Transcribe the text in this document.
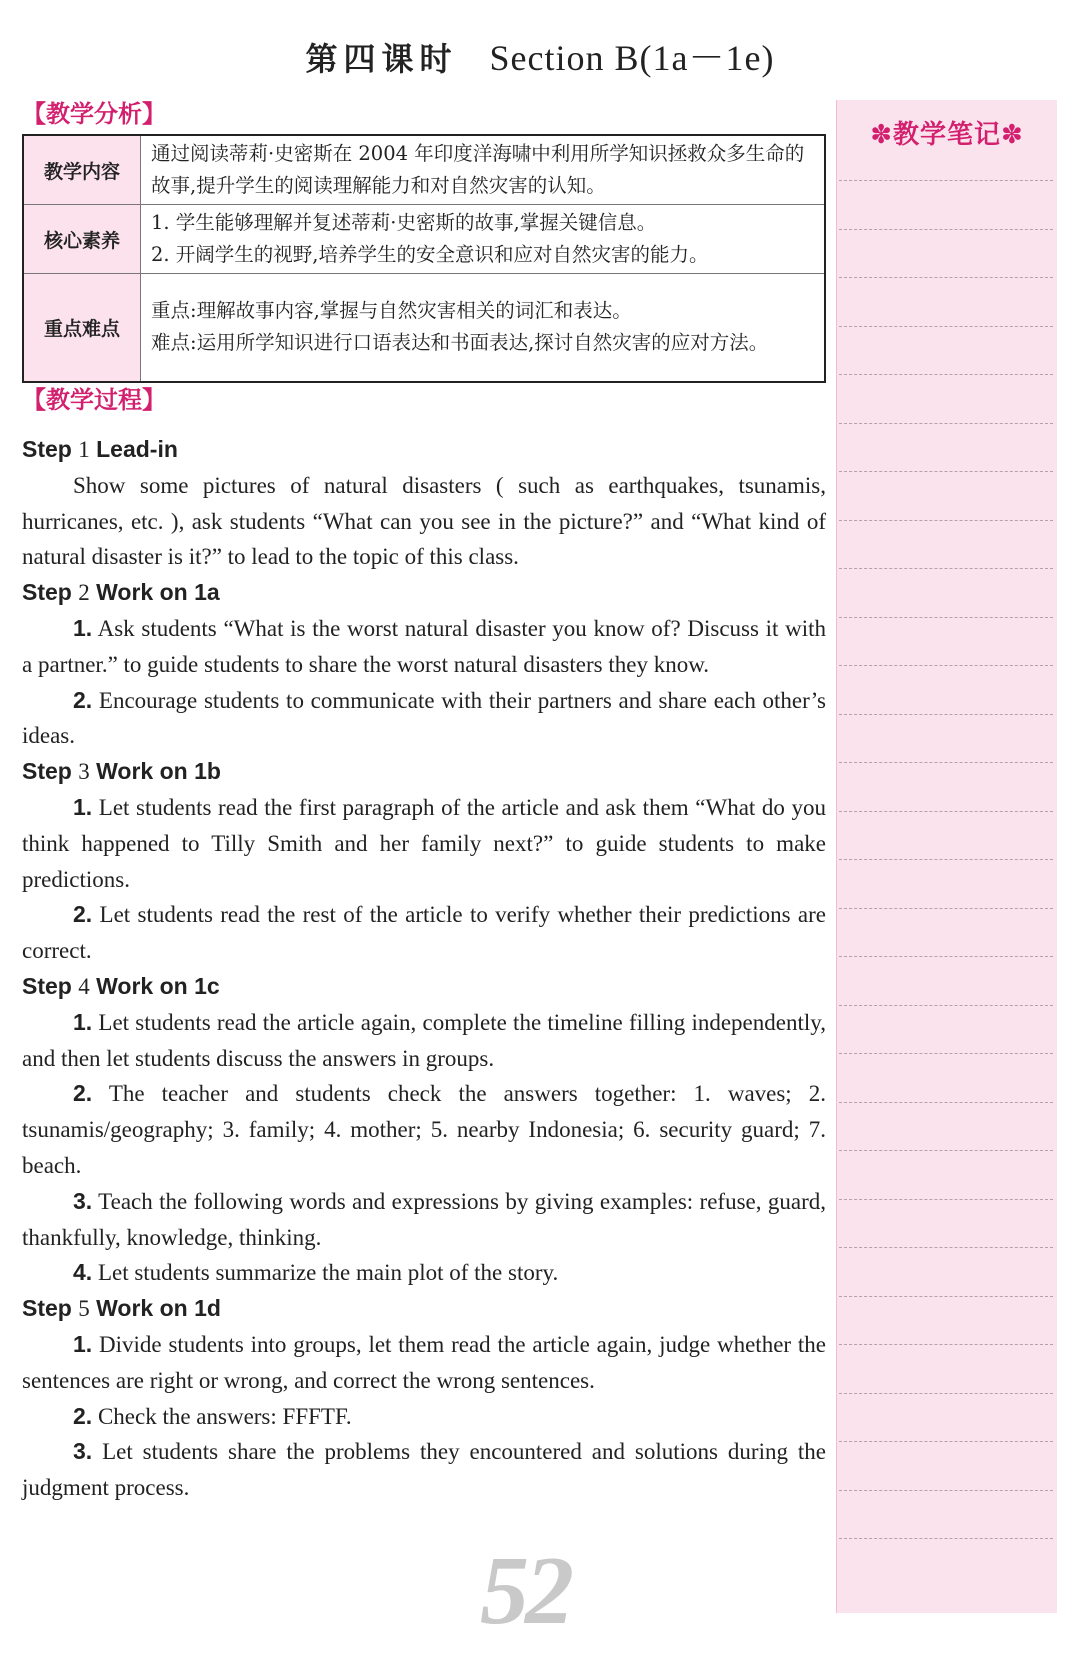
第四课时 Section B(1a－1e)
【教学分析】
教学内容	通过阅读蒂莉·史密斯在 2004 年印度洋海啸中利用所学知识拯救众多生命的故事,提升学生的阅读理解能力和对自然灾害的认知。

核心素养	1. 学生能够理解并复述蒂莉·史密斯的故事,掌握关键信息。

2. 开阔学生的视野,培养学生的安全意识和应对自然灾害的能力。

重点难点	重点:理解故事内容,掌握与自然灾害相关的词汇和表达。

难点:运用所学知识进行口语表达和书面表达,探讨自然灾害的应对方法。

【教学过程】

Step 1 Lead-in

Show some pictures of natural disasters ( such as earthquakes, tsunamis, hurricanes, etc. ), ask students “What can you see in the picture?” and “What kind of natural disaster is it?” to lead to the topic of this class.

Step 2 Work on 1a

1. Ask students “What is the worst natural disaster you know of? Discuss it with a partner.” to guide students to share the worst natural disasters they know.

2. Encourage students to communicate with their partners and share each other’s ideas.

Step 3 Work on 1b

1. Let students read the first paragraph of the article and ask them “What do you think happened to Tilly Smith and her family next?” to guide students to make predictions.

2. Let students read the rest of the article to verify whether their predictions are correct.

Step 4 Work on 1c

1. Let students read the article again, complete the timeline filling independently, and then let students discuss the answers in groups.

2. The teacher and students check the answers together: 1. waves; 2. tsunamis/geography; 3. family; 4. mother; 5. nearby Indonesia; 6. security guard; 7. beach.

3. Teach the following words and expressions by giving examples: refuse, guard, thankfully, knowledge, thinking.

4. Let students summarize the main plot of the story.

Step 5 Work on 1d

1. Divide students into groups, let them read the article again, judge whether the sentences are right or wrong, and correct the wrong sentences.

2. Check the answers: FFFTF.

3. Let students share the problems they encountered and solutions during the judgment process.

✽教学笔记✽
52
